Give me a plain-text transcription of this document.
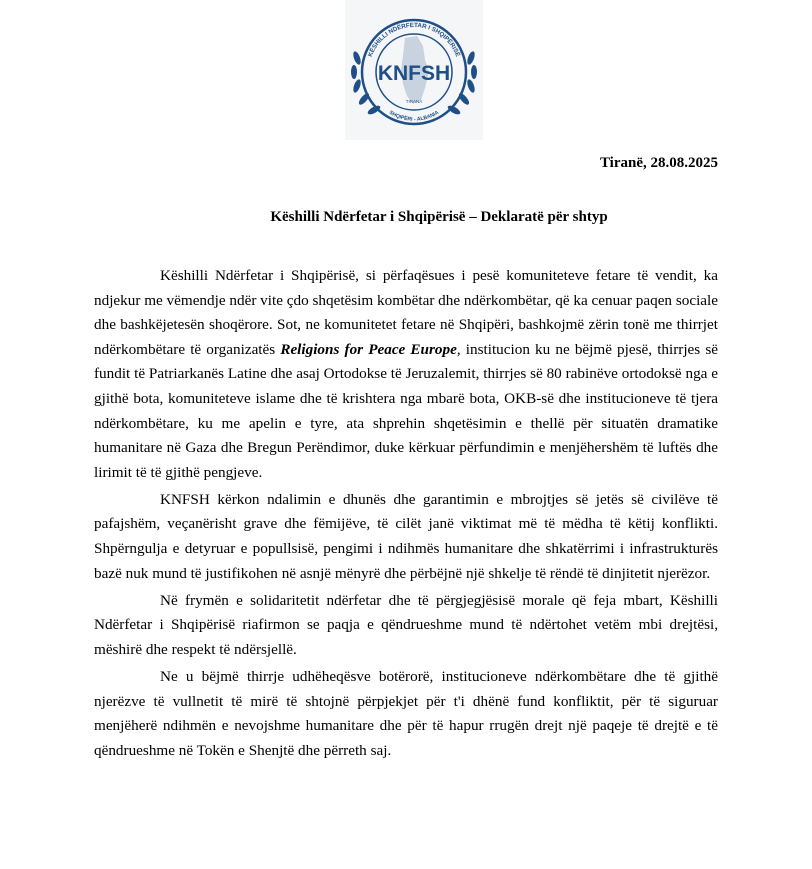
KËSHILLI NDËRFETAR I SHQIPËRISË
KNFSH
TIRANA
SHQIPËRI - ALBANIA
Tiranë, 28.08.2025
Këshilli Ndërfetar i Shqipërisë – Deklaratë për shtyp

Këshilli Ndërfetar i Shqipërisë, si përfaqësues i pesë komuniteteve fetare të vendit, ka ndjekur me vëmendje ndër vite çdo shqetësim kombëtar dhe ndërkombëtar, që ka cenuar paqen sociale dhe bashkëjetesën shoqërore. Sot, ne komunitetet fetare në Shqipëri, bashkojmë zërin tonë me thirrjet ndërkombëtare të organizatës Religions for Peace Europe, institucion ku ne bëjmë pjesë, thirrjes së fundit të Patriarkanës Latine dhe asaj Ortodokse të Jeruzalemit, thirrjes së 80 rabinëve ortodoksë nga e gjithë bota, komuniteteve islame dhe të krishtera nga mbarë bota, OKB-së dhe institucioneve të tjera ndërkombëtare, ku me apelin e tyre, ata shprehin shqetësimin e thellë për situatën dramatike humanitare në Gaza dhe Bregun Perëndimor, duke kërkuar përfundimin e menjëhershëm të luftës dhe lirimit të të gjithë pengjeve.

KNFSH kërkon ndalimin e dhunës dhe garantimin e mbrojtjes së jetës së civilëve të pafajshëm, veçanërisht grave dhe fëmijëve, të cilët janë viktimat më të mëdha të këtij konflikti. Shpërngulja e detyruar e popullsisë, pengimi i ndihmës humanitare dhe shkatërrimi i infrastrukturës bazë nuk mund të justifikohen në asnjë mënyrë dhe përbëjnë një shkelje të rëndë të dinjitetit njerëzor.

Në frymën e solidaritetit ndërfetar dhe të përgjegjësisë morale që feja mbart, Këshilli Ndërfetar i Shqipërisë riafirmon se paqja e qëndrueshme mund të ndërtohet vetëm mbi drejtësi, mëshirë dhe respekt të ndërsjellë.

Ne u bëjmë thirrje udhëheqësve botërorë, institucioneve ndërkombëtare dhe të gjithë njerëzve të vullnetit të mirë të shtojnë përpjekjet për t'i dhënë fund konfliktit, për të siguruar menjëherë ndihmën e nevojshme humanitare dhe për të hapur rrugën drejt një paqeje të drejtë e të qëndrueshme në Tokën e Shenjtë dhe përreth saj.
